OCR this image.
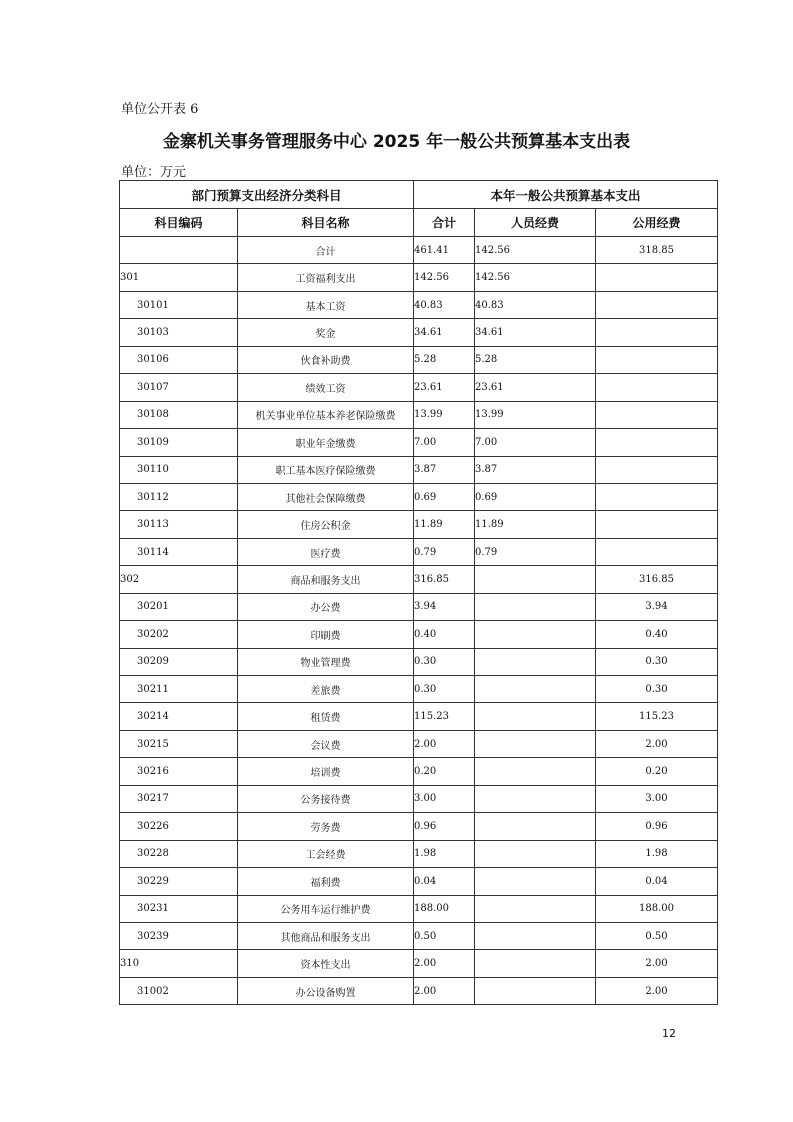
单位公开表 6
金寨机关事务管理服务中心 2025 年一般公共预算基本支出表
单位：万元
部门预算支出经济分类科目		本年一般公共预算基本支出		
科目编码	科目名称	合计	人员经费	公用经费
	合计	461.41	142.56	318.85
301	工资福利支出	142.56	142.56	
30101	基本工资	40.83	40.83	
30103	奖金	34.61	34.61	
30106	伙食补助费	5.28	5.28	
30107	绩效工资	23.61	23.61	
30108	机关事业单位基本养老保险缴费	13.99	13.99	
30109	职业年金缴费	7.00	7.00	
30110	职工基本医疗保险缴费	3.87	3.87	
30112	其他社会保障缴费	0.69	0.69	
30113	住房公积金	11.89	11.89	
30114	医疗费	0.79	0.79	
302	商品和服务支出	316.85		316.85
30201	办公费	3.94		3.94
30202	印刷费	0.40		0.40
30209	物业管理费	0.30		0.30
30211	差旅费	0.30		0.30
30214	租赁费	115.23		115.23
30215	会议费	2.00		2.00
30216	培训费	0.20		0.20
30217	公务接待费	3.00		3.00
30226	劳务费	0.96		0.96
30228	工会经费	1.98		1.98
30229	福利费	0.04		0.04
30231	公务用车运行维护费	188.00		188.00
30239	其他商品和服务支出	0.50		0.50
310	资本性支出	2.00		2.00
31002	办公设备购置	2.00		2.00
12
